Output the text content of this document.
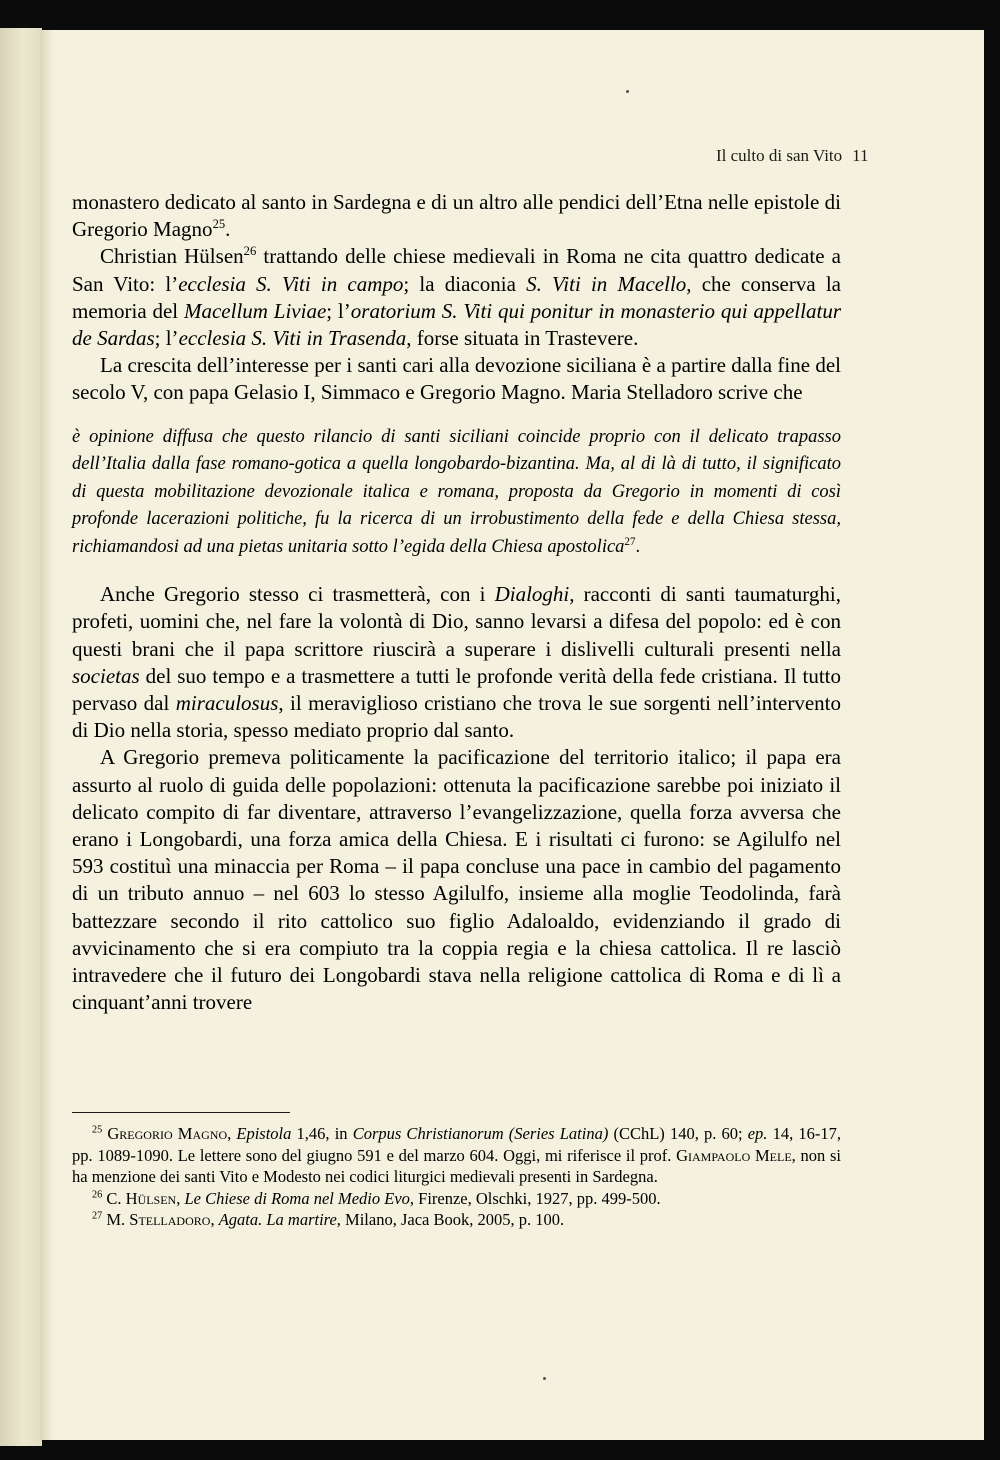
Il culto di san Vito 11

monastero dedicato al santo in Sardegna e di un altro alle pendici dell’Etna nelle epistole di Gregorio Magno$^{25}$.

Christian Hülsen$^{26}$ trattando delle chiese medievali in Roma ne cita quattro dedicate a San Vito: l’ecclesia S. Viti in campo; la diaconia S. Viti in Macello, che conserva la memoria del Macellum Liviae; l’oratorium S. Viti qui ponitur in monasterio qui appellatur de Sardas; l’ecclesia S. Viti in Trasenda, forse situata in Trastevere.

La crescita dell’interesse per i santi cari alla devozione siciliana è a partire dalla fine del secolo V, con papa Gelasio I, Simmaco e Gregorio Magno. Maria Stelladoro scrive che

è opinione diffusa che questo rilancio di santi siciliani coincide proprio con il delicato trapasso dell’Italia dalla fase romano-gotica a quella longobardo-bizantina. Ma, al di là di tutto, il significato di questa mobilitazione devozionale italica e romana, proposta da Gregorio in momenti di così profonde lacerazioni politiche, fu la ricerca di un irrobustimento della fede e della Chiesa stessa, richiamandosi ad una pietas unitaria sotto l’egida della Chiesa apostolica$^{27}$.

Anche Gregorio stesso ci trasmetterà, con i Dialoghi, racconti di santi taumaturghi, profeti, uomini che, nel fare la volontà di Dio, sanno levarsi a difesa del popolo: ed è con questi brani che il papa scrittore riuscirà a superare i dislivelli culturali presenti nella societas del suo tempo e a trasmettere a tutti le profonde verità della fede cristiana. Il tutto pervaso dal miraculosus, il meraviglioso cristiano che trova le sue sorgenti nell’intervento di Dio nella storia, spesso mediato proprio dal santo.

A Gregorio premeva politicamente la pacificazione del territorio italico; il papa era assurto al ruolo di guida delle popolazioni: ottenuta la pacificazione sarebbe poi iniziato il delicato compito di far diventare, attraverso l’evangelizzazione, quella forza avversa che erano i Longobardi, una forza amica della Chiesa. E i risultati ci furono: se Agilulfo nel 593 costituì una minaccia per Roma – il papa concluse una pace in cambio del pagamento di un tributo annuo – nel 603 lo stesso Agilulfo, insieme alla moglie Teodolinda, farà battezzare secondo il rito cattolico suo figlio Adaloaldo, evidenziando il grado di avvicinamento che si era compiuto tra la coppia regia e la chiesa cattolica. Il re lasciò intravedere che il futuro dei Longobardi stava nella religione cattolica di Roma e di lì a cinquant’anni trovere

$^{25}$ Gregorio Magno, Epistola 1,46, in Corpus Christianorum (Series Latina) (CChL) 140, p. 60; ep. 14, 16-17, pp. 1089-1090. Le lettere sono del giugno 591 e del marzo 604. Oggi, mi riferisce il prof. Giampaolo Mele, non si ha menzione dei santi Vito e Modesto nei codici liturgici medievali presenti in Sardegna.

$^{26}$ C. Hülsen, Le Chiese di Roma nel Medio Evo, Firenze, Olschki, 1927, pp. 499-500.

$^{27}$ M. Stelladoro, Agata. La martire, Milano, Jaca Book, 2005, p. 100.
